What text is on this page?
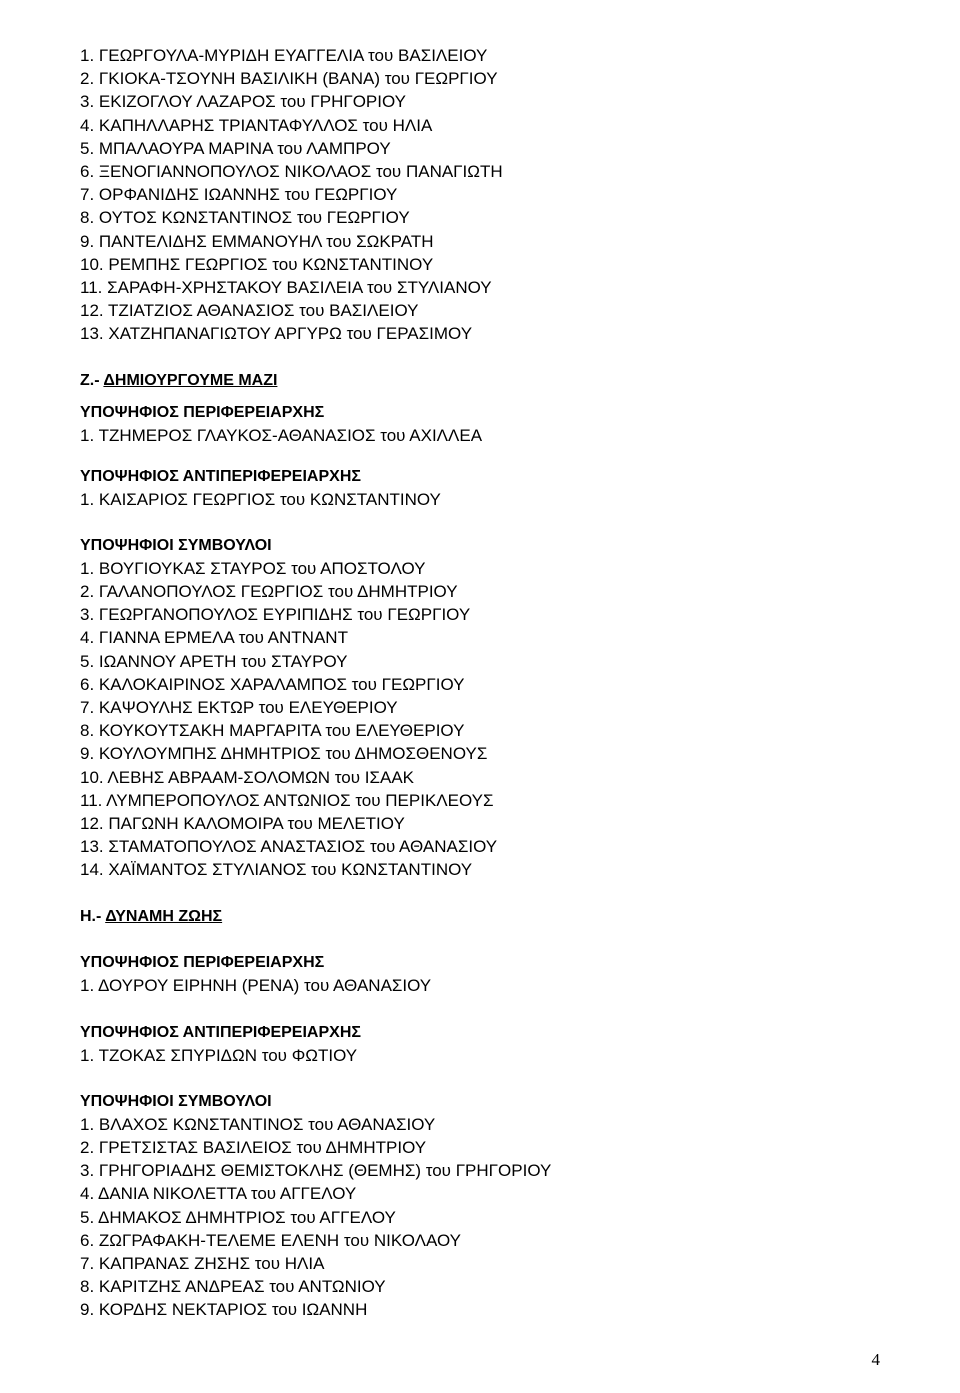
1. ΓΕΩΡΓΟΥΛΑ-ΜΥΡΙΔΗ ΕΥΑΓΓΕΛΙΑ του ΒΑΣΙΛΕΙΟΥ
2. ΓΚΙΟΚΑ-ΤΣΟΥΝΗ ΒΑΣΙΛΙΚΗ (ΒΑΝΑ) του ΓΕΩΡΓΙΟΥ
3. ΕΚΙΖΟΓΛΟΥ ΛΑΖΑΡΟΣ του ΓΡΗΓΟΡΙΟΥ
4. ΚΑΠΗΛΛΑΡΗΣ ΤΡΙΑΝΤΑΦΥΛΛΟΣ του ΗΛΙΑ
5. ΜΠΑΛΑΟΥΡΑ ΜΑΡΙΝΑ του ΛΑΜΠΡΟΥ
6. ΞΕΝΟΓΙΑΝΝΟΠΟΥΛΟΣ ΝΙΚΟΛΑΟΣ του ΠΑΝΑΓΙΩΤΗ
7. ΟΡΦΑΝΙΔΗΣ ΙΩΑΝΝΗΣ του ΓΕΩΡΓΙΟΥ
8. ΟΥΤΟΣ ΚΩΝΣΤΑΝΤΙΝΟΣ του ΓΕΩΡΓΙΟΥ
9. ΠΑΝΤΕΛΙΔΗΣ ΕΜΜΑΝΟΥΗΛ του ΣΩΚΡΑΤΗ
10. ΡΕΜΠΗΣ ΓΕΩΡΓΙΟΣ του ΚΩΝΣΤΑΝΤΙΝΟΥ
11. ΣΑΡΑΦΗ-ΧΡΗΣΤΑΚΟΥ ΒΑΣΙΛΕΙΑ του ΣΤΥΛΙΑΝΟΥ
12. ΤΖΙΑΤΖΙΟΣ ΑΘΑΝΑΣΙΟΣ του ΒΑΣΙΛΕΙΟΥ
13. ΧΑΤΖΗΠΑΝΑΓΙΩΤΟΥ ΑΡΓΥΡΩ του ΓΕΡΑΣΙΜΟΥ
Ζ.- ΔΗΜΙΟΥΡΓΟΥΜΕ ΜΑΖΙ
ΥΠΟΨΗΦΙΟΣ ΠΕΡΙΦΕΡΕΙΑΡΧΗΣ
1. ΤΖΗΜΕΡΟΣ ΓΛΑΥΚΟΣ-ΑΘΑΝΑΣΙΟΣ του ΑΧΙΛΛΕΑ
ΥΠΟΨΗΦΙΟΣ ΑΝΤΙΠΕΡΙΦΕΡΕΙΑΡΧΗΣ
1. ΚΑΙΣΑΡΙΟΣ ΓΕΩΡΓΙΟΣ του ΚΩΝΣΤΑΝΤΙΝΟΥ
ΥΠΟΨΗΦΙΟΙ ΣΥΜΒΟΥΛΟΙ
1. ΒΟΥΓΙΟΥΚΑΣ ΣΤΑΥΡΟΣ του ΑΠΟΣΤΟΛΟΥ
2. ΓΑΛΑΝΟΠΟΥΛΟΣ ΓΕΩΡΓΙΟΣ του ΔΗΜΗΤΡΙΟΥ
3. ΓΕΩΡΓΑΝΟΠΟΥΛΟΣ ΕΥΡΙΠΙΔΗΣ του ΓΕΩΡΓΙΟΥ
4. ΓΙΑΝΝΑ ΕΡΜΕΛΑ του ΑΝΤΝΑΝΤ
5. ΙΩΑΝΝΟΥ ΑΡΕΤΗ του ΣΤΑΥΡΟΥ
6. ΚΑΛΟΚΑΙΡΙΝΟΣ ΧΑΡΑΛΑΜΠΟΣ του ΓΕΩΡΓΙΟΥ
7. ΚΑΨΟΥΛΗΣ ΕΚΤΩΡ του ΕΛΕΥΘΕΡΙΟΥ
8. ΚΟΥΚΟΥΤΣΑΚΗ ΜΑΡΓΑΡΙΤΑ του ΕΛΕΥΘΕΡΙΟΥ
9. ΚΟΥΛΟΥΜΠΗΣ ΔΗΜΗΤΡΙΟΣ του ΔΗΜΟΣΘΕΝΟΥΣ
10. ΛΕΒΗΣ ΑΒΡΑΑΜ-ΣΟΛΟΜΩΝ του ΙΣΑΑΚ
11. ΛΥΜΠΕΡΟΠΟΥΛΟΣ ΑΝΤΩΝΙΟΣ του ΠΕΡΙΚΛΕΟΥΣ
12. ΠΑΓΩΝΗ ΚΑΛΟΜΟΙΡΑ του ΜΕΛΕΤΙΟΥ
13. ΣΤΑΜΑΤΟΠΟΥΛΟΣ ΑΝΑΣΤΑΣΙΟΣ του ΑΘΑΝΑΣΙΟΥ
14. ΧΑΪΜΑΝΤΟΣ ΣΤΥΛΙΑΝΟΣ του ΚΩΝΣΤΑΝΤΙΝΟΥ
Η.- ΔΥΝΑΜΗ ΖΩΗΣ
ΥΠΟΨΗΦΙΟΣ ΠΕΡΙΦΕΡΕΙΑΡΧΗΣ
1. ΔΟΥΡΟΥ ΕΙΡΗΝΗ (ΡΕΝΑ) του ΑΘΑΝΑΣΙΟΥ
ΥΠΟΨΗΦΙΟΣ ΑΝΤΙΠΕΡΙΦΕΡΕΙΑΡΧΗΣ
1. ΤΖΟΚΑΣ ΣΠΥΡΙΔΩΝ του ΦΩΤΙΟΥ
ΥΠΟΨΗΦΙΟΙ ΣΥΜΒΟΥΛΟΙ
1. ΒΛΑΧΟΣ ΚΩΝΣΤΑΝΤΙΝΟΣ του ΑΘΑΝΑΣΙΟΥ
2. ΓΡΕΤΣΙΣΤΑΣ ΒΑΣΙΛΕΙΟΣ του ΔΗΜΗΤΡΙΟΥ
3. ΓΡΗΓΟΡΙΑΔΗΣ ΘΕΜΙΣΤΟΚΛΗΣ (ΘΕΜΗΣ) του ΓΡΗΓΟΡΙΟΥ
4. ΔΑΝΙΑ ΝΙΚΟΛΕΤΤΑ του ΑΓΓΕΛΟΥ
5. ΔΗΜΑΚΟΣ ΔΗΜΗΤΡΙΟΣ του ΑΓΓΕΛΟΥ
6. ΖΩΓΡΑΦΑΚΗ-ΤΕΛΕΜΕ ΕΛΕΝΗ του ΝΙΚΟΛΑΟΥ
7. ΚΑΠΡΑΝΑΣ ΖΗΣΗΣ του ΗΛΙΑ
8. ΚΑΡΙΤΖΗΣ ΑΝΔΡΕΑΣ του ΑΝΤΩΝΙΟΥ
9. ΚΟΡΔΗΣ ΝΕΚΤΑΡΙΟΣ του ΙΩΑΝΝΗ
4
